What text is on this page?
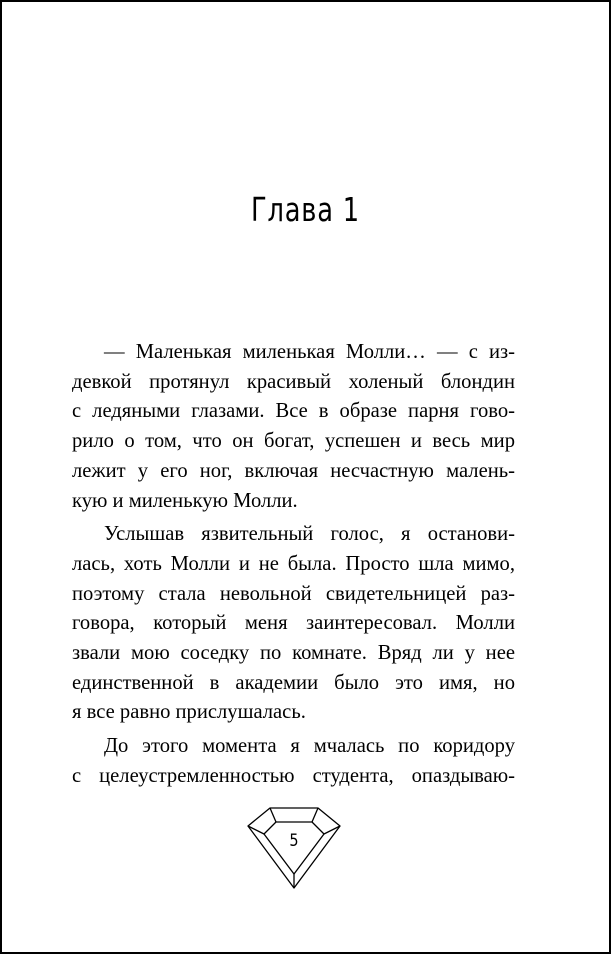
Глава 1

— Маленькая миленькая Молли… — с из-
девкой протянул красивый холеный блондин
с ледяными глазами. Все в образе парня гово-
рило о том, что он богат, успешен и весь мир
лежит у его ног, включая несчастную малень-
кую и миленькую Молли.

Услышав язвительный голос, я останови-
лась, хоть Молли и не была. Просто шла мимо,
поэтому стала невольной свидетельницей раз-
говора, который меня заинтересовал. Молли
звали мою соседку по комнате. Вряд ли у нее
единственной в академии было это имя, но
я все равно прислушалась.

До этого момента я мчалась по коридору
с целеустремленностью студента, опаздываю-

5
